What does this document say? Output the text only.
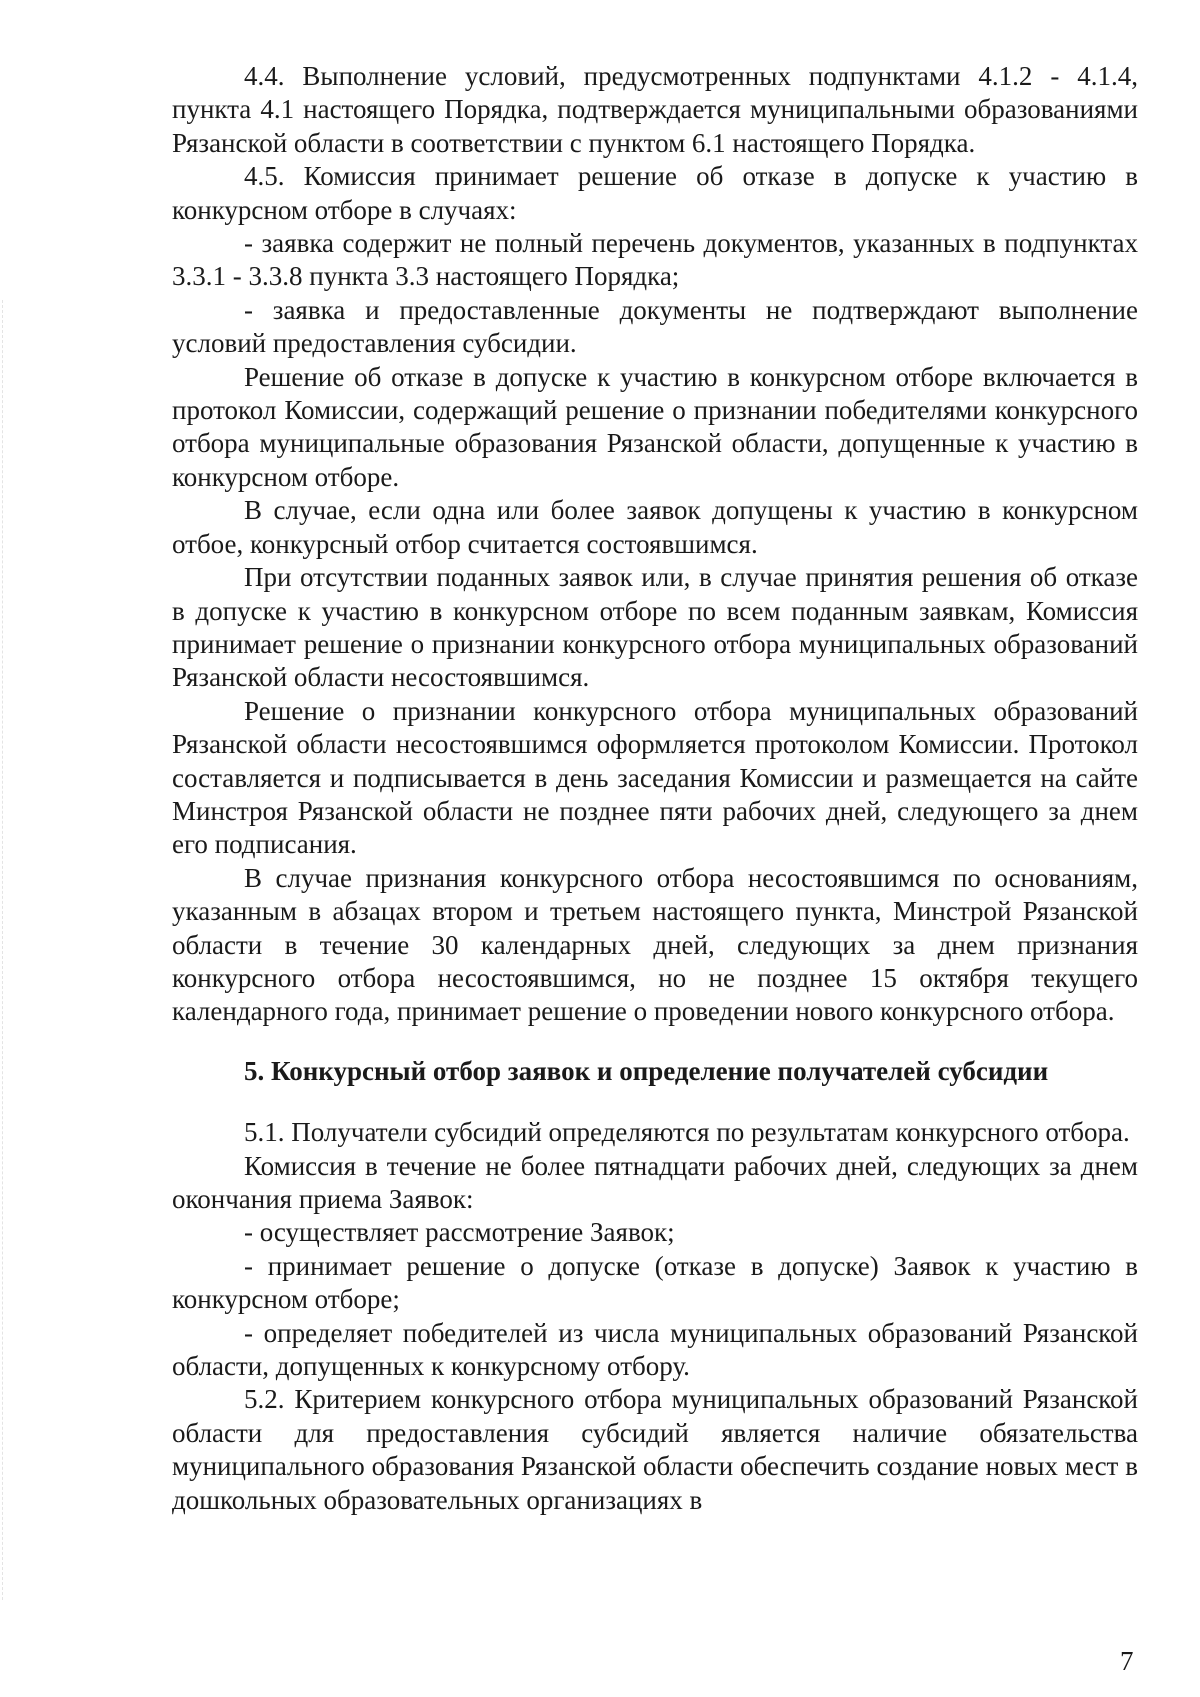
4.4. Выполнение условий, предусмотренных подпунктами 4.1.2 - 4.1.4, пункта 4.1 настоящего Порядка, подтверждается муниципальными образованиями Рязанской области в соответствии с пунктом 6.1 настоящего Порядка.

4.5. Комиссия принимает решение об отказе в допуске к участию в конкурсном отборе в случаях:

- заявка содержит не полный перечень документов, указанных в подпунктах 3.3.1 - 3.3.8 пункта 3.3 настоящего Порядка;

- заявка и предоставленные документы не подтверждают выполнение условий предоставления субсидии.

Решение об отказе в допуске к участию в конкурсном отборе включается в протокол Комиссии, содержащий решение о признании победителями конкурсного отбора муниципальные образования Рязанской области, допущенные к участию в конкурсном отборе.

В случае, если одна или более заявок допущены к участию в конкурсном отбое, конкурсный отбор считается состоявшимся.

При отсутствии поданных заявок или, в случае принятия решения об отказе в допуске к участию в конкурсном отборе по всем поданным заявкам, Комиссия принимает решение о признании конкурсного отбора муниципальных образований Рязанской области несостоявшимся.

Решение о признании конкурсного отбора муниципальных образований Рязанской области несостоявшимся оформляется протоколом Комиссии. Протокол составляется и подписывается в день заседания Комиссии и размещается на сайте Минстроя Рязанской области не позднее пяти рабочих дней, следующего за днем его подписания.

В случае признания конкурсного отбора несостоявшимся по основаниям, указанным в абзацах втором и третьем настоящего пункта, Минстрой Рязанской области в течение 30 календарных дней, следующих за днем признания конкурсного отбора несостоявшимся, но не позднее 15 октября текущего календарного года, принимает решение о проведении нового конкурсного отбора.

5. Конкурсный отбор заявок и определение получателей субсидии

5.1. Получатели субсидий определяются по результатам конкурсного отбора.

Комиссия в течение не более пятнадцати рабочих дней, следующих за днем окончания приема Заявок:

- осуществляет рассмотрение Заявок;

- принимает решение о допуске (отказе в допуске) Заявок к участию в конкурсном отборе;

- определяет победителей из числа муниципальных образований Рязанской области, допущенных к конкурсному отбору.

5.2. Критерием конкурсного отбора муниципальных образований Рязанской области для предоставления субсидий является наличие обязательства муниципального образования Рязанской области обеспечить создание новых мест в дошкольных образовательных организациях в

7
